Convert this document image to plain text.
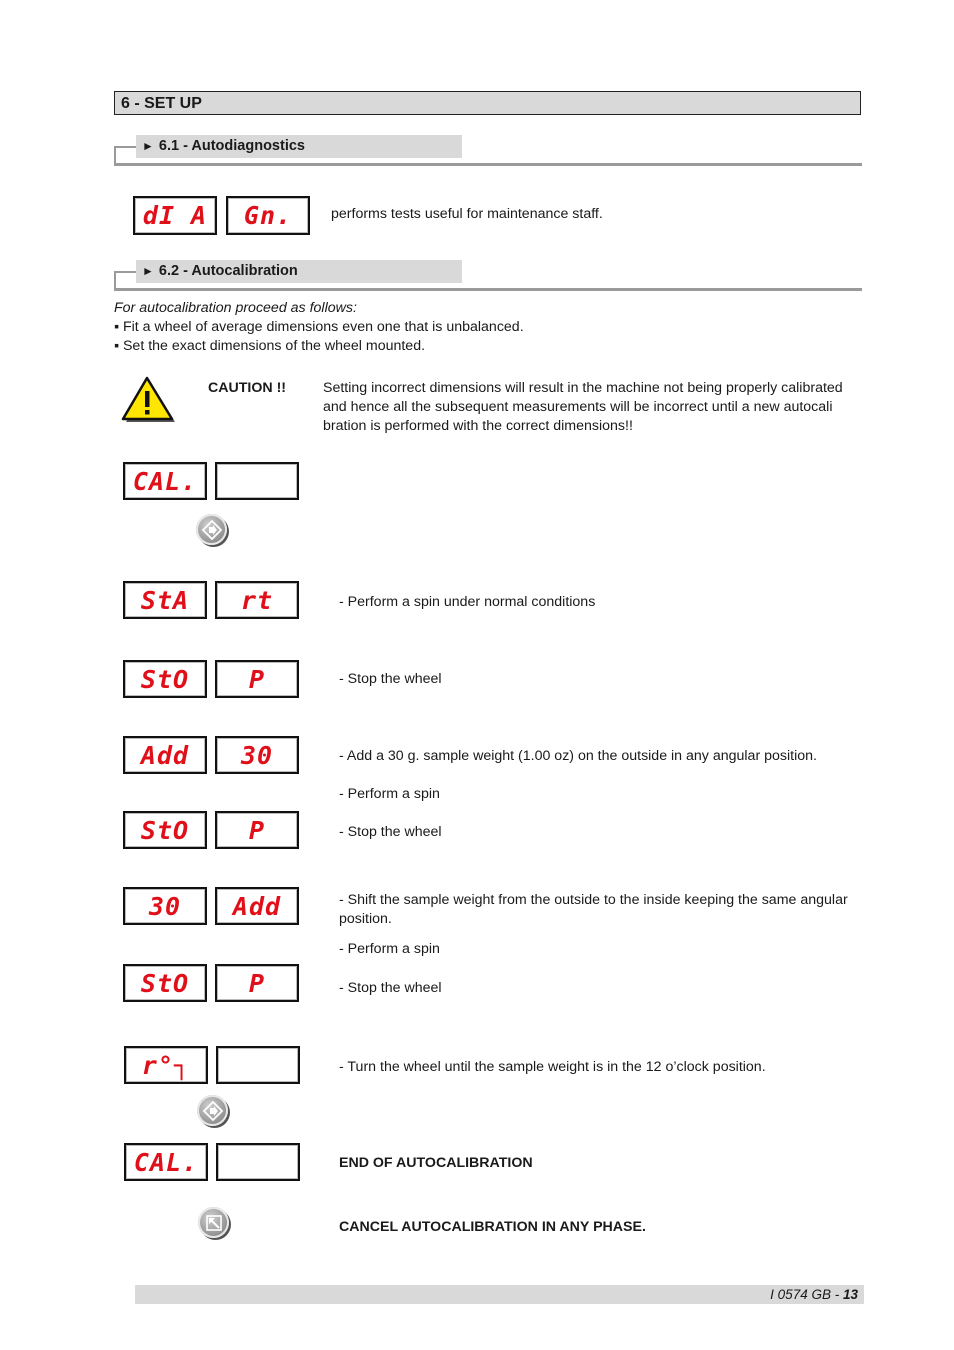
6 - SET UP
► 6.1 - Autodiagnostics
dI A	Gn.	performs tests useful for maintenance staff.
► 6.2 - Autocalibration
For autocalibration proceed as follows:
▪ Fit a wheel of average dimensions even one that is unbalanced.
▪ Set the exact dimensions of the wheel mounted.
CAUTION !!	Setting incorrect dimensions will result in the machine not being properly calibrated
and hence all the subsequent measurements will be incorrect until a new autocali
bration is performed with the correct dimensions!!
CAL.
StA	rt	- Perform a spin under normal conditions
StO	P	- Stop the wheel
Add	30	- Add a 30 g. sample weight (1.00 oz) on the outside in any angular position.
- Perform a spin
StO	P	- Stop the wheel
30	Add	- Shift the sample weight from the outside to the inside keeping the same angular
position.
- Perform a spin
StO	P	- Stop the wheel
r°┐	- Turn the wheel until the sample weight is in the 12 o’clock position.
CAL.	END OF AUTOCALIBRATION
CANCEL AUTOCALIBRATION IN ANY PHASE.
I 0574 GB - 13
